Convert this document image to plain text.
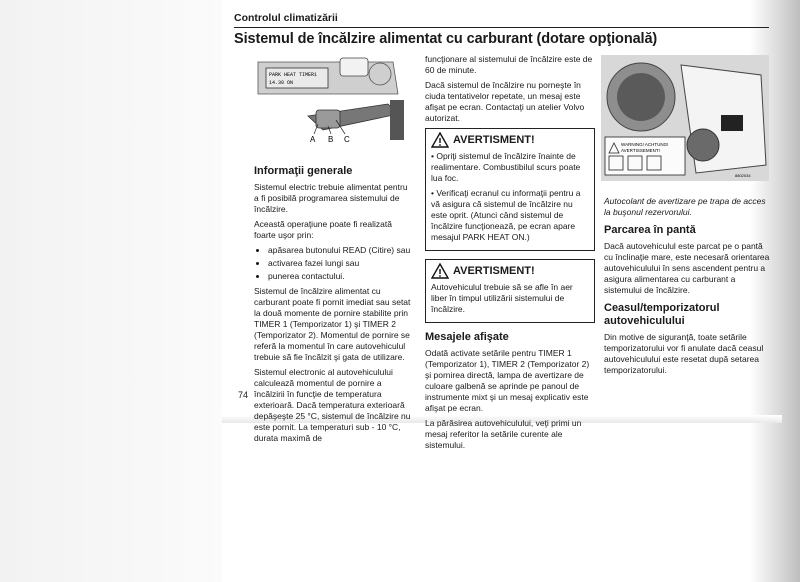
Controlul climatizării
Sistemul de încălzire alimentat cu carburant (dotare opţională)
PARK HEAT TIMER1
14.30 ON
A B C
WARNING! ACHTUNG!
AVERTISSEMENT!
8802034
Informaţii generale

Sistemul electric trebuie alimentat pentru a fi posibilă programarea sistemului de încălzire.

Această operaţiune poate fi realizată foarte uşor prin:

• apăsarea butonului READ (Citire) sau
• activarea fazei lungi sau
• punerea contactului.

Sistemul de încălzire alimentat cu carburant poate fi pornit imediat sau setat la două momente de pornire stabilite prin TIMER 1 (Temporizator 1) şi TIMER 2 (Temporizator 2). Momentul de pornire se referă la momentul în care autovehiculul trebuie să fie încălzit şi gata de utilizare.

Sistemul electronic al autovehiculului calculează momentul de pornire a încălzirii în funcţie de temperatura exterioară. Dacă temperatura exterioară depăşeşte 25 °C, sistemul de încălzire nu este pornit. La temperaturi sub - 10 °C, durata maximă de

funcţionare al sistemului de încălzire este de 60 de minute.

Dacă sistemul de încălzire nu porneşte în ciuda tentativelor repetate, un mesaj este afişat pe ecran. Contactaţi un atelier Volvo autorizat.

AVERTISMENT!

• Opriţi sistemul de încălzire înainte de realimentare. Combustibilul scurs poate lua foc.

• Verificaţi ecranul cu informaţii pentru a vă asigura că sistemul de încălzire nu este oprit. (Atunci când sistemul de încălzire funcţionează, pe ecran apare mesajul PARK HEAT ON.)

AVERTISMENT!

Autovehiculul trebuie să se afle în aer liber în timpul utilizării sistemului de încălzire.

Mesajele afişate

Odată activate setările pentru TIMER 1 (Temporizator 1), TIMER 2 (Temporizator 2) şi pornirea directă, lampa de avertizare de culoare galbenă se aprinde pe panoul de instrumente mixt şi un mesaj explicativ este afişat pe ecran.

La părăsirea autovehiculului, veţi primi un mesaj referitor la setările curente ale sistemului.

Autocolant de avertizare pe trapa de acces la buşonul rezervorului.

Parcarea în pantă

Dacă autovehiculul este parcat pe o pantă cu înclinaţie mare, este necesară orientarea autovehiculului în sens ascendent pentru a asigura alimentarea cu carburant a sistemului de încălzire.

Ceasul/temporizatorul autovehiculului

Din motive de siguranţă, toate setările temporizatorului vor fi anulate dacă ceasul autovehiculului este resetat după setarea temporizatorului.

74
